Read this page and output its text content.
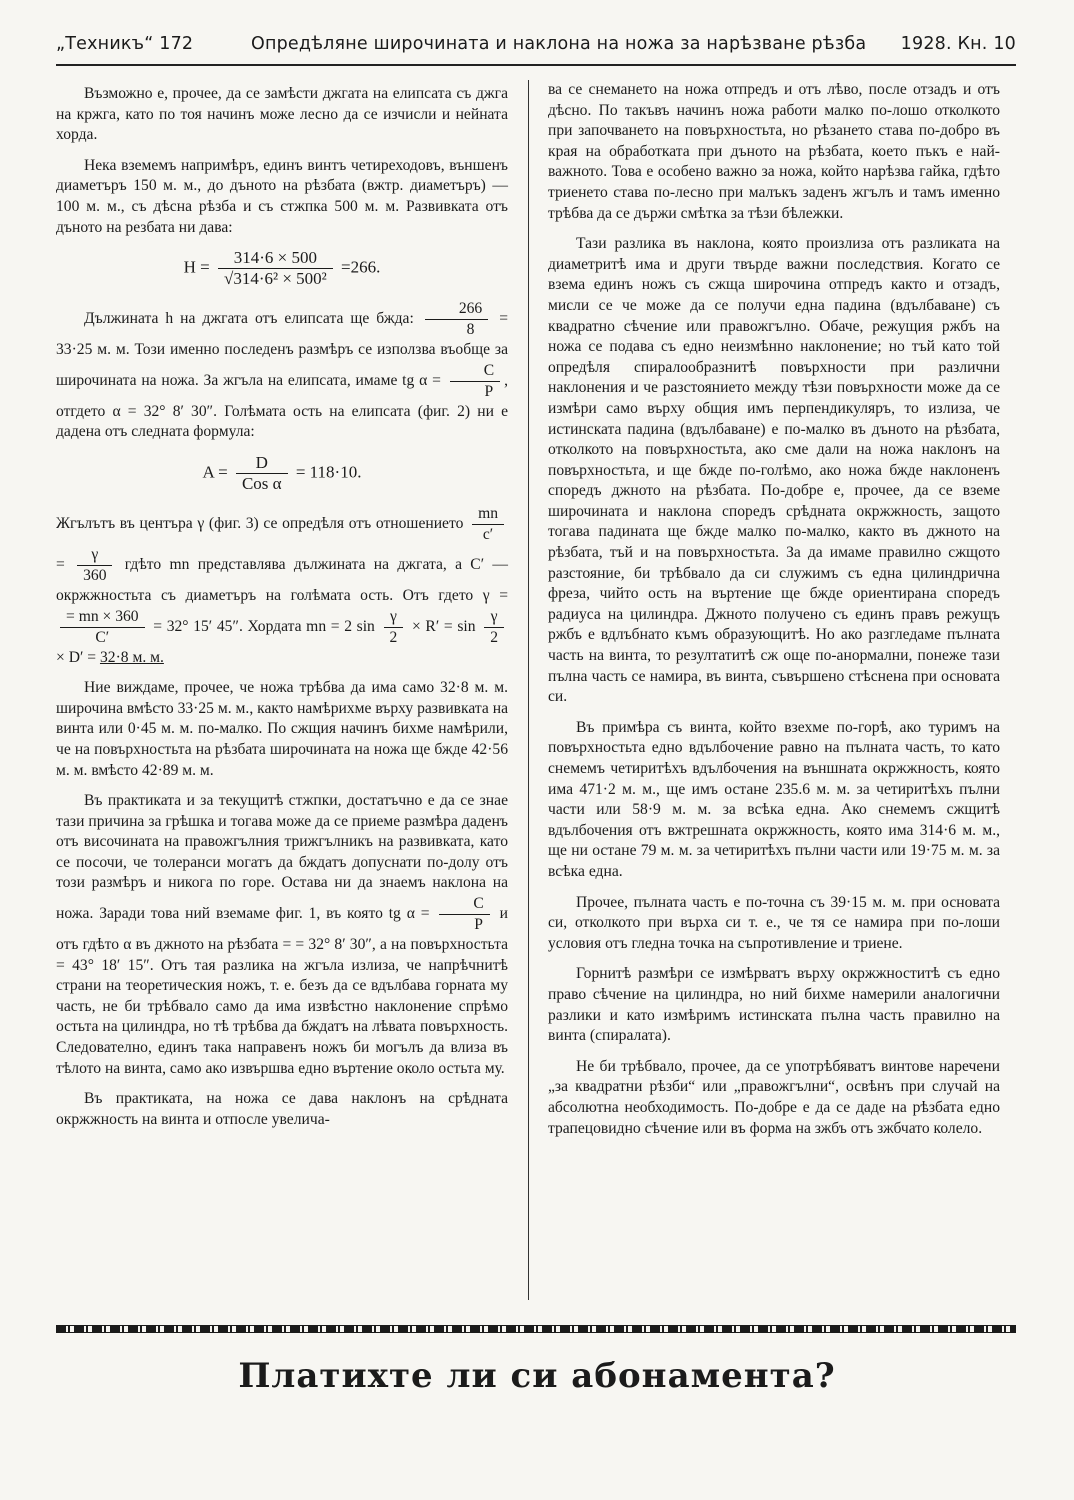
„Техникъ“ 172	Опредѣляне широчината и наклона на ножа за нарѣзване рѣзба 1928. Кн. 10

Възможно е, прочее, да се замѣсти джгата на елипсата съ джга на кржга, като по тоя начинъ може лесно да се изчисли и нейната хорда.

Нека вземемъ напримѣръ, единъ винтъ четиреходовъ, външенъ диаметъръ 150 м. м., до дъното на рѣзбата (вжтр. диаметъръ) — 100 м. м., съ дѣсна рѣзба и съ стжпка 500 м. м. Развивката отъ дъното на резбата ни дава:

$H = \frac{314\cdot 6 \times 500}{\text{√314·6² × 500²}} =266$.

Дължината h на джгата отъ елипсата ще бжда: $\frac{266}{8} = 33\cdot 25$ м. м. Този именно последенъ размѣръ се използва въобще за широчината на ножа. За жгъла на елипсата, имаме tg $\alpha = \frac{C}{P}$ , отгдето α = 32° 8′ 30″. Голѣмата ость на елипсата (фиг. 2) ни е дадена отъ следната формула:

$A = \frac{D}{\text{Cos α}} = 118\cdot 10$.

Жгълътъ въ центъра γ (фиг. 3) се опредѣля отъ отношението $\frac{mn}{c'}$
= $\frac{\gamma}{360}$ гдѣто mn представлява дължината на джгата, а C′ — окржжностьта съ диаметъръ на голѣмата ость. Отъ гдето γ =
$\frac{= mn \times 360}{C'} = 32^\circ$ 15′ 45″. Хордата mn = 2 $\sin \frac{\gamma}{2} \times R' = \sin \frac{\gamma}{2}$
× D′ = 32·8 м. м.

Ние виждаме, прочее, че ножа трѣбва да има само 32·8 м. м. широчина вмѣсто 33·25 м. м., както намѣрихме върху развивката на винта или 0·45 м. м. по-малко. По сжщия начинъ бихме намѣрили, че на повърхностьта на рѣзбата широчината на ножа ще бжде 42·56 м. м. вмѣсто 42·89 м. м.

Въ практиката и за текущитѣ стжпки, достатъчно е да се знае тази причина за грѣшка и тогава може да се приеме размѣра даденъ отъ височината на правожгълния трижгълникъ на развивката, като се посочи, че толеранси могатъ да бждатъ допуснати по-долу отъ този размѣръ и никога по горе. Остава ни да знаемъ наклона на ножа. Заради това ний вземаме фиг. 1, въ която tg $\alpha = \frac{C}{P}$ и отъ гдѣто α въ джното на рѣзбата = = 32° 8′ 30″, а на повърхностьта = 43° 18′ 15″. Отъ тая разлика на жгъла излиза, че напрѣчнитѣ страни на теоретическия ножъ, т. е. безъ да се вдълбава горната му часть, не би трѣбвало само да има извѣстно наклонение спрѣмо остьта на цилиндра, но тѣ трѣбва да бждатъ на лѣвата повърхность. Следователно, единъ така направенъ ножъ би могълъ да влиза въ тѣлото на винта, само ако извършва едно въртение около остьта му.

Въ практиката, на ножа се дава наклонъ на срѣдната окржжность на винта и отпосле увелича-

ва се снемането на ножа отпредъ и отъ лѣво, после отзадъ и отъ дѣсно. По такъвъ начинъ ножа работи малко по-лошо отколкото при започването на повърхностьта, но рѣзането става по-добро въ края на обработката при дъното на рѣзбата, което пъкъ е най-важното. Това е особено важно за ножа, който нарѣзва гайка, гдѣто триенето става по-лесно при малъкъ заденъ жгълъ и тамъ именно трѣбва да се държи смѣтка за тѣзи бѣлежки.

Тази разлика въ наклона, която произлиза отъ разликата на диаметритѣ има и други твърде важни последствия. Когато се взема единъ ножъ съ сжща широчина отпредъ както и отзадъ, мисли се че може да се получи една падина (вдълбаване) съ квадратно сѣчение или правожгълно. Обаче, режущия ржбъ на ножа се подава съ едно неизмѣнно наклонение; но тъй като той опредѣля спиралообразнитѣ повърхности при различни наклонения и че разстоянието между тѣзи повърхности може да се измѣри само върху общия имъ перпендикуляръ, то излиза, че истинската падина (вдълбаване) е по-малко въ дъното на рѣзбата, отколкото на повърхностьта, ако сме дали на ножа наклонъ на повърхностьта, и ще бжде по-голѣмо, ако ножа бжде наклоненъ споредъ джното на рѣзбата. По-добре е, прочее, да се вземе широчината и наклона споредъ срѣдната окржжность, защото тогава падината ще бжде малко по-малко, както въ джното на рѣзбата, тъй и на повърхностьта. За да имаме правилно сжщото разстояние, би трѣбвало да си служимъ съ една цилиндрична фреза, чийто ость на въртение ще бжде ориентирана споредъ радиуса на цилиндра. Джното получено съ единъ правъ режущъ ржбъ е вдлъбнато къмъ образующитѣ. Но ако разгледаме пълната часть на винта, то резултатитѣ сж още по-анормални, понеже тази пълна часть се намира, въ винта, съвършено стѣснена при основата си.

Въ примѣра съ винта, който взехме по-горѣ, ако туримъ на повърхностьта едно вдълбочение равно на пълната часть, то като снемемъ четиритѣхъ вдълбочения на външната окржжность, която има 471·2 м. м., ще имъ остане 235.6 м. м. за четиритѣхъ пълни части или 58·9 м. м. за всѣка една. Ако снемемъ сжщитѣ вдълбочения отъ вжтрешната окржжность, която има 314·6 м. м., ще ни остане 79 м. м. за четиритѣхъ пълни части или 19·75 м. м. за всѣка една.

Прочее, пълната часть е по-точна съ 39·15 м. м. при основата си, отколкото при върха си т. е., че тя се намира при по-лоши условия отъ гледна точка на съпротивление и триене.

Горнитѣ размѣри се измѣрватъ върху окржжноститѣ съ едно право сѣчение на цилиндра, но ний бихме намерили аналогични разлики и като измѣримъ истинската пълна часть правилно на винта (спиралата).

Не би трѣбвало, прочее, да се употрѣбяватъ винтове наречени „за квадратни рѣзби“ или „правожгълни“, освѣнъ при случай на абсолютна необходимость. По-добре е да се даде на рѣзбата едно трапецовидно сѣчение или въ форма на зжбъ отъ зжбчато колело.

Платихте ли си абонамента?
